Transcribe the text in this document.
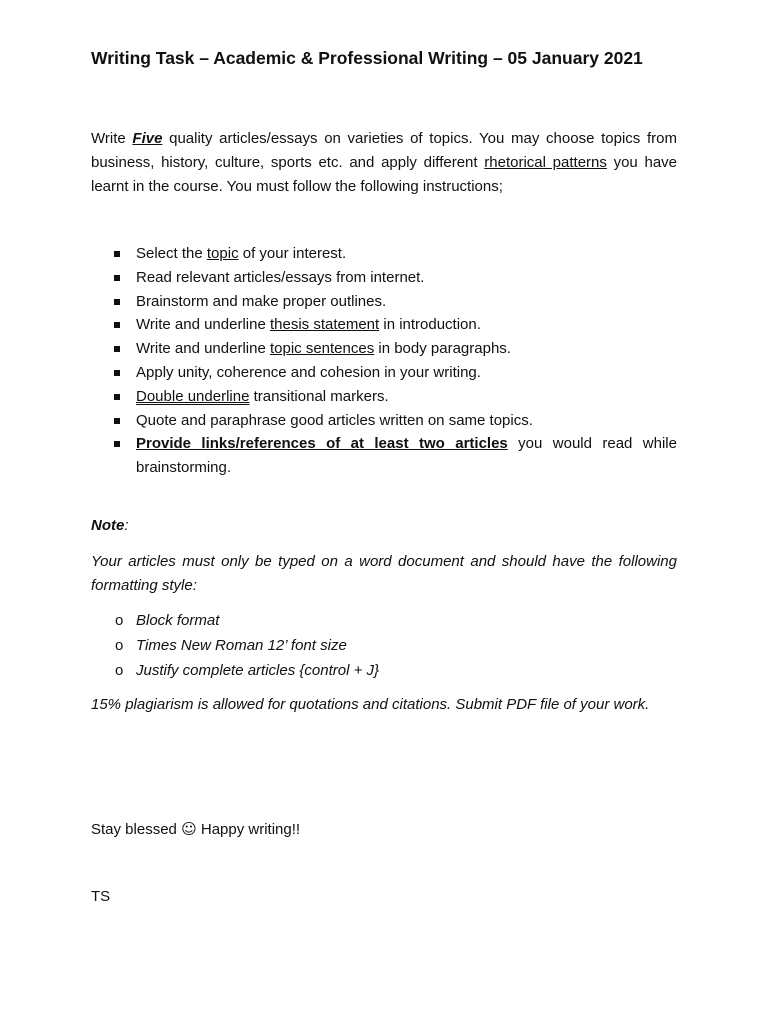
Writing Task – Academic & Professional Writing – 05 January 2021
Write Five quality articles/essays on varieties of topics. You may choose topics from business, history, culture, sports etc. and apply different rhetorical patterns you have learnt in the course. You must follow the following instructions;
Select the topic of your interest.
Read relevant articles/essays from internet.
Brainstorm and make proper outlines.
Write and underline thesis statement in introduction.
Write and underline topic sentences in body paragraphs.
Apply unity, coherence and cohesion in your writing.
Double underline transitional markers.
Quote and paraphrase good articles written on same topics.
Provide links/references of at least two articles you would read while brainstorming.
Note:
Your articles must only be typed on a word document and should have the following formatting style:
o Block format
o Times New Roman 12’ font size
o Justify complete articles {control + J}
15% plagiarism is allowed for quotations and citations. Submit PDF file of your work.
Stay blessed ☺ Happy writing!!
TS
